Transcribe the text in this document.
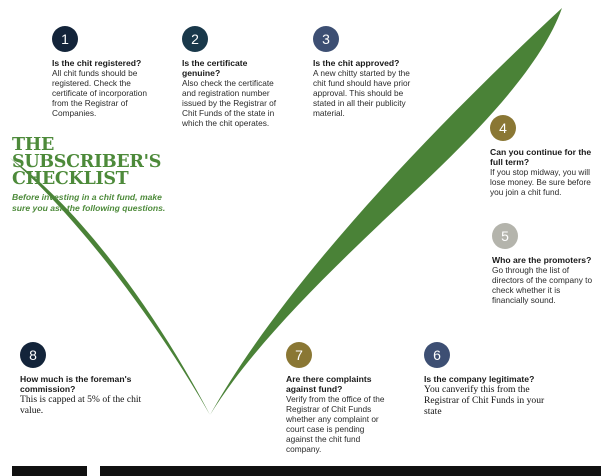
THE
SUBSCRIBER'S
CHECKLIST
Before investing in a chit fund, make sure you ask the following questions.
1
Is the chit registered?
All chit funds should be registered. Check the certificate of incorporation from the Registrar of Companies.
2
Is the certificate genuine?
Also check the certificate and registration number issued by the Registrar of Chit Funds of the state in which the chit operates.
3
Is the chit approved?
A new chitty started by the chit fund should have prior approval. This should be stated in all their publicity material.
4
Can you continue for the full term?
If you stop midway, you will lose money. Be sure before you join a chit fund.
5
Who are the promoters?
Go through the list of directors of the company to check whether it is financially sound.
6
Is the company legitimate?
You canverify this from the Registrar of Chit Funds in your state
7
Are there complaints against fund?
Verify from the office of the Registrar of Chit Funds whether any complaint or court case is pending against the chit fund company.
8
How much is the foreman's commission?
This is capped at 5% of the chit value.
